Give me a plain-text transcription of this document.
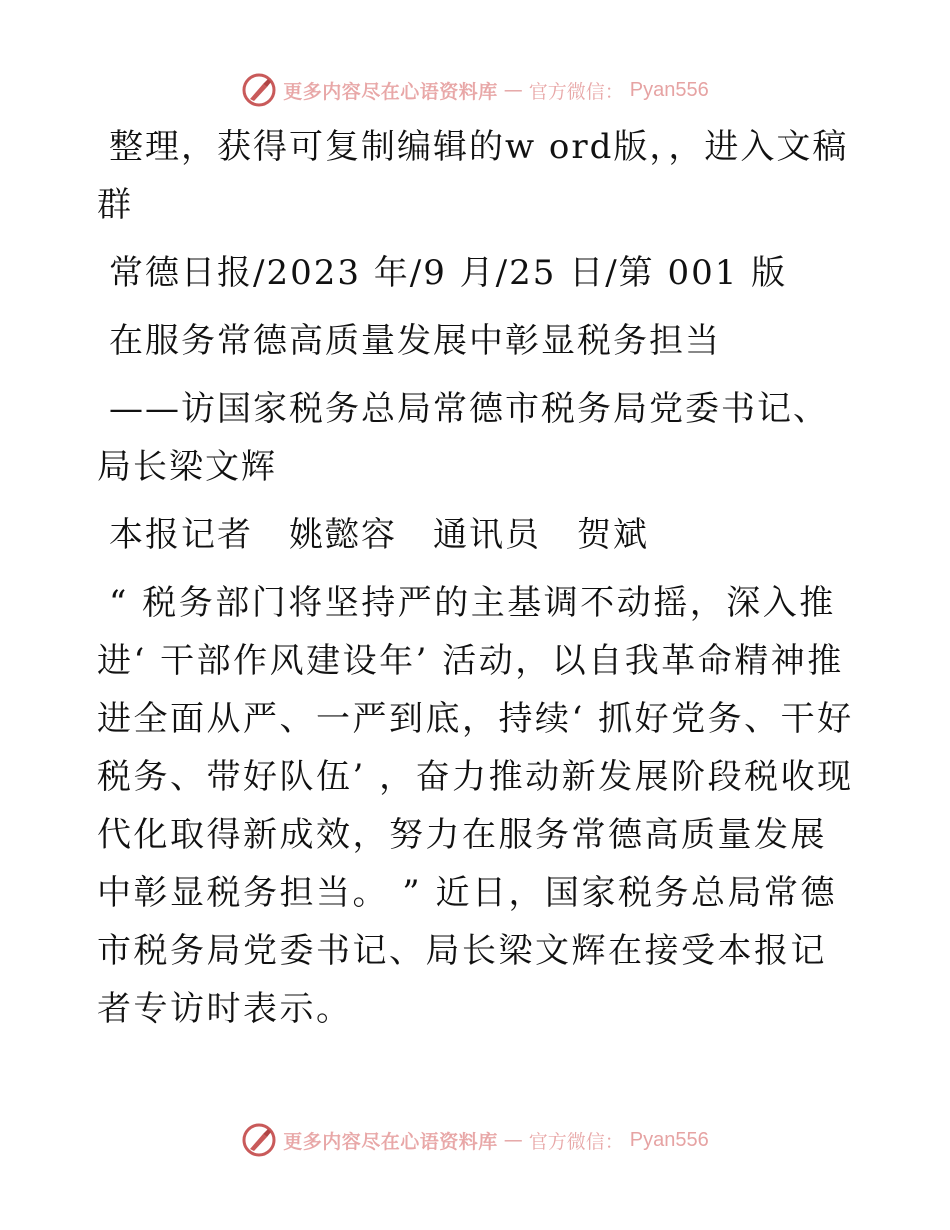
更多内容尽在心语资料库 — 官方微信： Pyan556

整理，获得可复制编辑的w ord版，，进入文稿群

常德日报/2023 年/9 月/25 日/第 001 版

在服务常德高质量发展中彰显税务担当

——访国家税务总局常德市税务局党委书记、局长梁文辉

本报记者　姚懿容　通讯员　贺斌

“ 税务部门将坚持严的主基调不动摇，深入推进‘ 干部作风建设年’ 活动，以自我革命精神推进全面从严、一严到底，持续‘ 抓好党务、干好税务、带好队伍’ ，奋力推动新发展阶段税收现代化取得新成效，努力在服务常德高质量发展中彰显税务担当。 ” 近日，国家税务总局常德市税务局党委书记、局长梁文辉在接受本报记者专访时表示。

更多内容尽在心语资料库 — 官方微信： Pyan556
